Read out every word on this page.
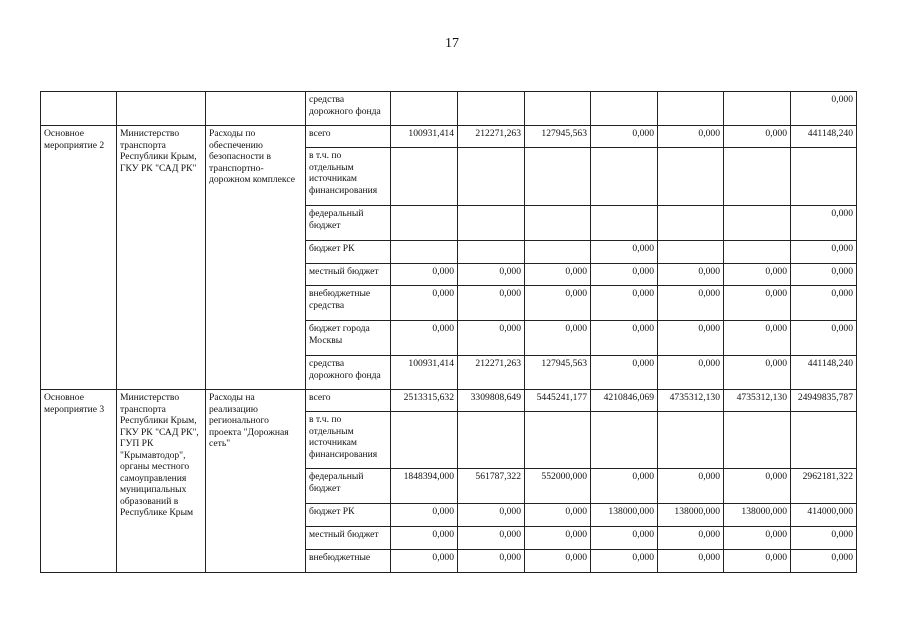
17
			средства дорожного фонда							0,000
Основное мероприятие 2	Министерство транспорта Республики Крым, ГКУ РК "САД РК"	Расходы по обеспечению безопасности в транспортно-дорожном комплексе	всего	100931,414	212271,263	127945,563	0,000	0,000	0,000	441148,240
			в т.ч. по отдельным источникам финансирования							
			федеральный бюджет							0,000
			бюджет РК				0,000			0,000
			местный бюджет	0,000	0,000	0,000	0,000	0,000	0,000	0,000
			внебюджетные средства	0,000	0,000	0,000	0,000	0,000	0,000	0,000
			бюджет города Москвы	0,000	0,000	0,000	0,000	0,000	0,000	0,000
			средства дорожного фонда	100931,414	212271,263	127945,563	0,000	0,000	0,000	441148,240
Основное мероприятие 3	Министерство транспорта Республики Крым, ГКУ РК "САД РК", ГУП РК "Крымавтодор", органы местного самоуправления муниципальных образований в Республике Крым	Расходы на реализацию регионального проекта "Дорожная сеть"	всего	2513315,632	3309808,649	5445241,177	4210846,069	4735312,130	4735312,130	24949835,787
			в т.ч. по отдельным источникам финансирования							
			федеральный бюджет	1848394,000	561787,322	552000,000	0,000	0,000	0,000	2962181,322
			бюджет РК	0,000	0,000	0,000	138000,000	138000,000	138000,000	414000,000
			местный бюджет	0,000	0,000	0,000	0,000	0,000	0,000	0,000
			внебюджетные	0,000	0,000	0,000	0,000	0,000	0,000	0,000
